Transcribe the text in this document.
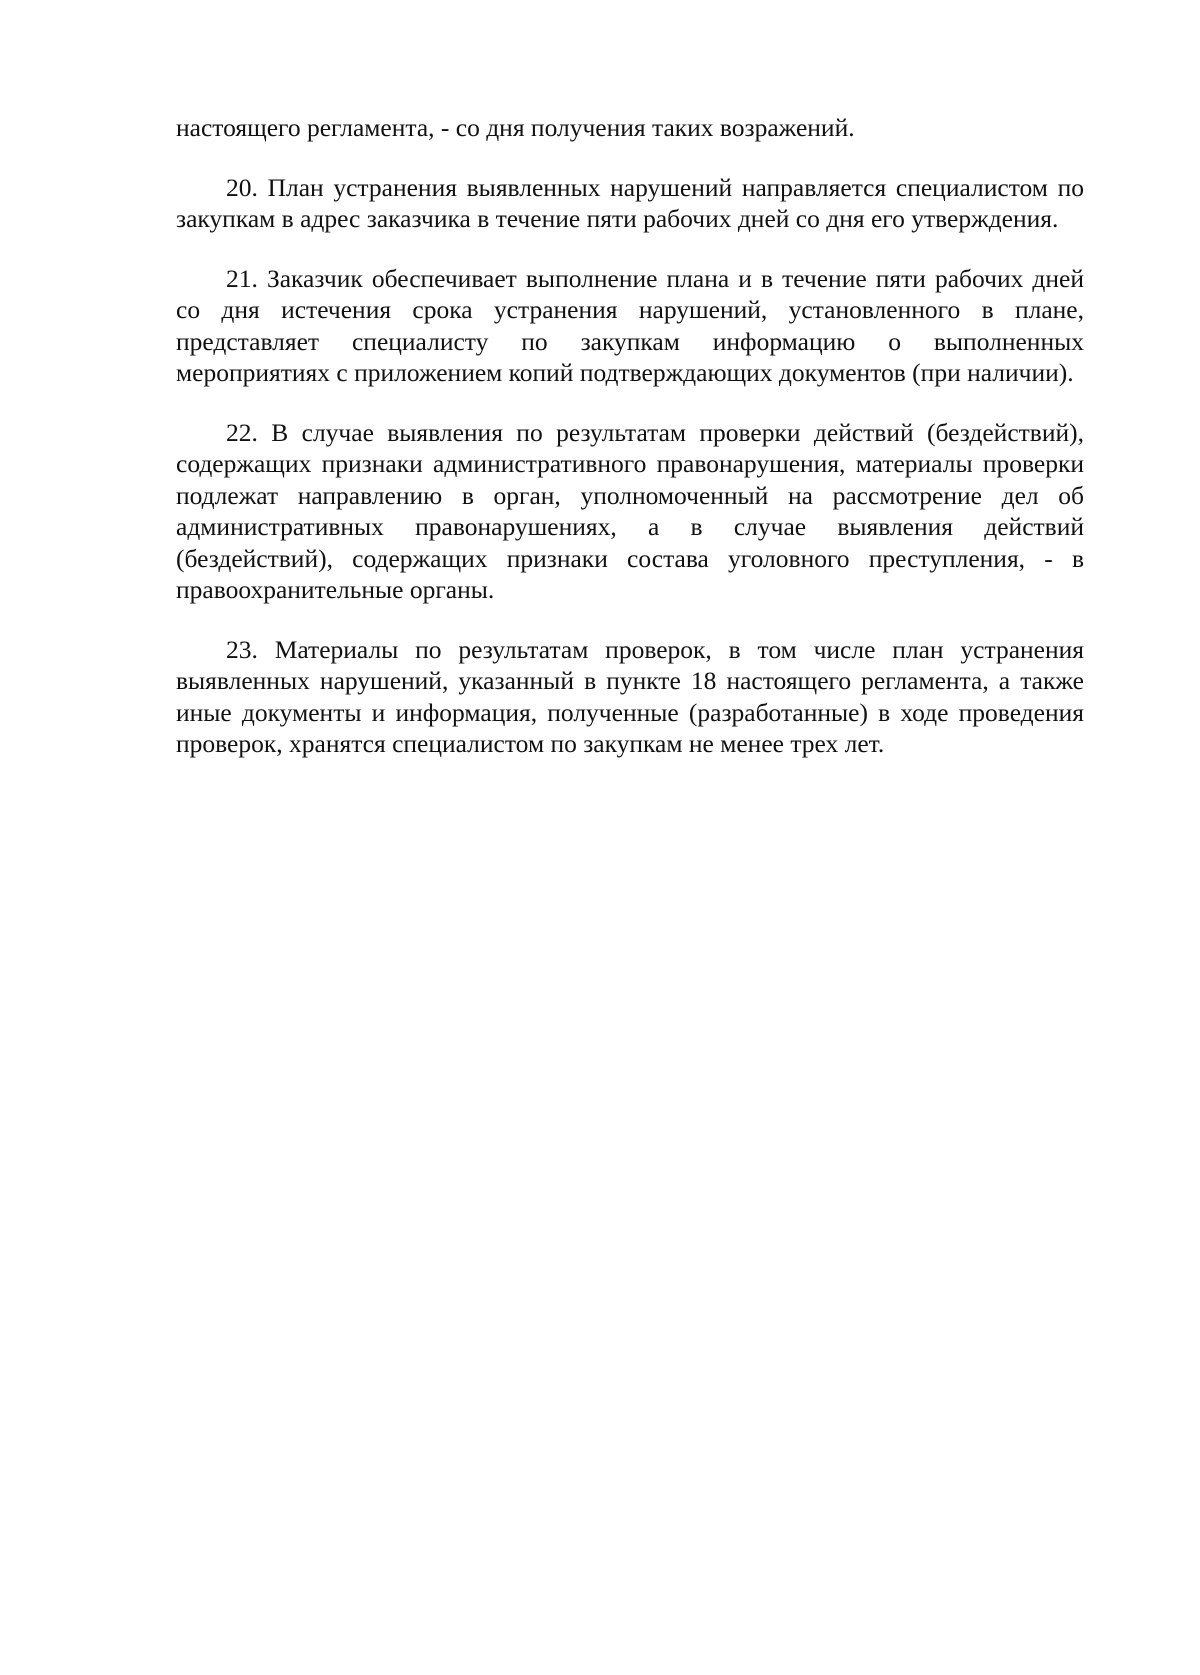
настоящего регламента, - со дня получения таких возражений.

20. План устранения выявленных нарушений направляется специалистом по закупкам в адрес заказчика в течение пяти рабочих дней со дня его утверждения.

21. Заказчик обеспечивает выполнение плана и в течение пяти рабочих дней со дня истечения срока устранения нарушений, установленного в плане, представляет специалисту по закупкам информацию о выполненных мероприятиях с приложением копий подтверждающих документов (при наличии).

22. В случае выявления по результатам проверки действий (бездействий), содержащих признаки административного правонарушения, материалы проверки подлежат направлению в орган, уполномоченный на рассмотрение дел об административных правонарушениях, а в случае выявления действий (бездействий), содержащих признаки состава уголовного преступления, - в правоохранительные органы.

23. Материалы по результатам проверок, в том числе план устранения выявленных нарушений, указанный в пункте 18 настоящего регламента, а также иные документы и информация, полученные (разработанные) в ходе проведения проверок, хранятся специалистом по закупкам не менее трех лет.
